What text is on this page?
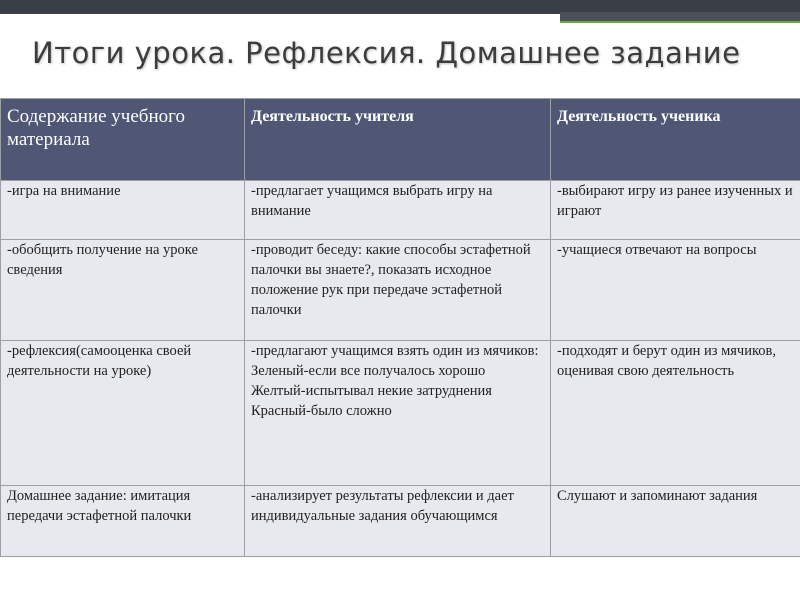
Итоги урока. Рефлексия. Домашнее задание
Содержание учебного материала	Деятельность учителя	Деятельность ученика

-игра на внимание	-предлагает учащимся выбрать игру на внимание	-выбирают игру из ранее изученных и играют

-обобщить получение на уроке сведения	-проводит беседу: какие способы эстафетной палочки вы знаете?, показать исходное положение рук при передаче эстафетной палочки	-учащиеся отвечают на вопросы

-рефлексия(самооценка своей деятельности на уроке)	-предлагают учащимся взять один из мячиков:
Зеленый-если все получалось хорошо
Желтый-испытывал некие затруднения
Красный-было сложно	-подходят и берут один из мячиков, оценивая свою деятельность

Домашнее задание: имитация передачи эстафетной палочки	-анализирует результаты рефлексии и дает индивидуальные задания обучающимся	Слушают и запоминают задания
